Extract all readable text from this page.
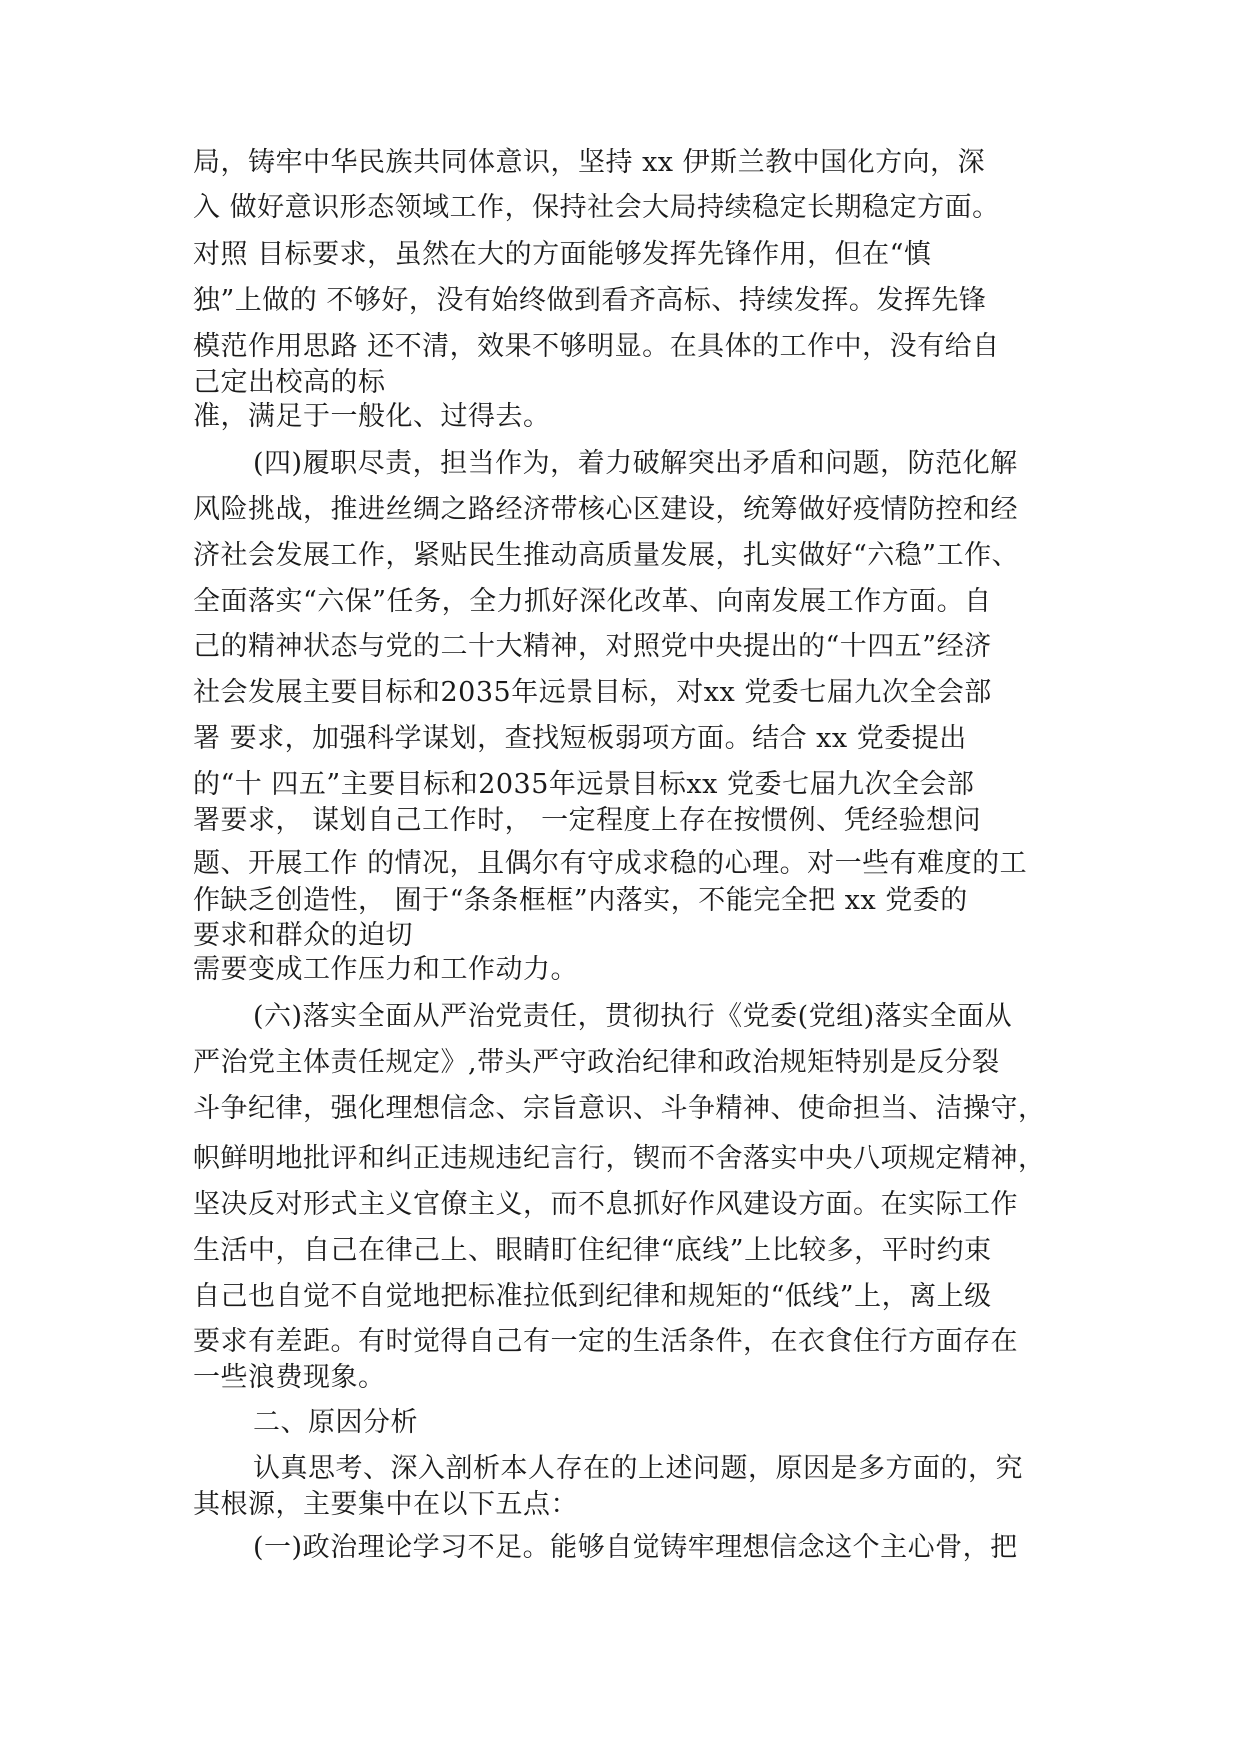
局，铸牢中华民族共同体意识，坚持 xx 伊斯兰教中国化方向，深
入 做好意识形态领域工作，保持社会大局持续稳定长期稳定方面。
对照 目标要求，虽然在大的方面能够发挥先锋作用，但在“慎
独”上做的 不够好，没有始终做到看齐高标、持续发挥。发挥先锋
模范作用思路 还不清，效果不够明显。在具体的工作中，没有给自
己定出校高的标
准，满足于一般化、过得去。
(四)履职尽责，担当作为，着力破解突出矛盾和问题，防范化解
风险挑战，推进丝绸之路经济带核心区建设，统筹做好疫情防控和经
济社会发展工作，紧贴民生推动高质量发展，扎实做好“六稳”工作、
全面落实“六保”任务，全力抓好深化改革、向南发展工作方面。自
己的精神状态与党的二十大精神，对照党中央提出的“十四五”经济
社会发展主要目标和2035年远景目标，对xx 党委七届九次全会部
署 要求，加强科学谋划，查找短板弱项方面。结合 xx 党委提出
的“十 四五”主要目标和2035年远景目标xx 党委七届九次全会部
署要求， 谋划自己工作时， 一定程度上存在按惯例、凭经验想问
题、开展工作 的情况，且偶尔有守成求稳的心理。对一些有难度的工
作缺乏创造性， 囿于“条条框框”内落实，不能完全把 xx 党委的
要求和群众的迫切
需要变成工作压力和工作动力。
(六)落实全面从严治党责任，贯彻执行《党委(党组)落实全面从
严治党主体责任规定》,带头严守政治纪律和政治规矩特别是反分裂
斗争纪律，强化理想信念、宗旨意识、斗争精神、使命担当、洁操守，
帜鲜明地批评和纠正违规违纪言行，锲而不舍落实中央八项规定精神，
坚决反对形式主义官僚主义，而不息抓好作风建设方面。在实际工作
生活中，自己在律己上、眼睛盯住纪律“底线”上比较多，平时约束
自己也自觉不自觉地把标准拉低到纪律和规矩的“低线”上，离上级
要求有差距。有时觉得自己有一定的生活条件，在衣食住行方面存在
一些浪费现象。
二、原因分析
认真思考、深入剖析本人存在的上述问题，原因是多方面的，究
其根源，主要集中在以下五点：
(一)政治理论学习不足。能够自觉铸牢理想信念这个主心骨，把
